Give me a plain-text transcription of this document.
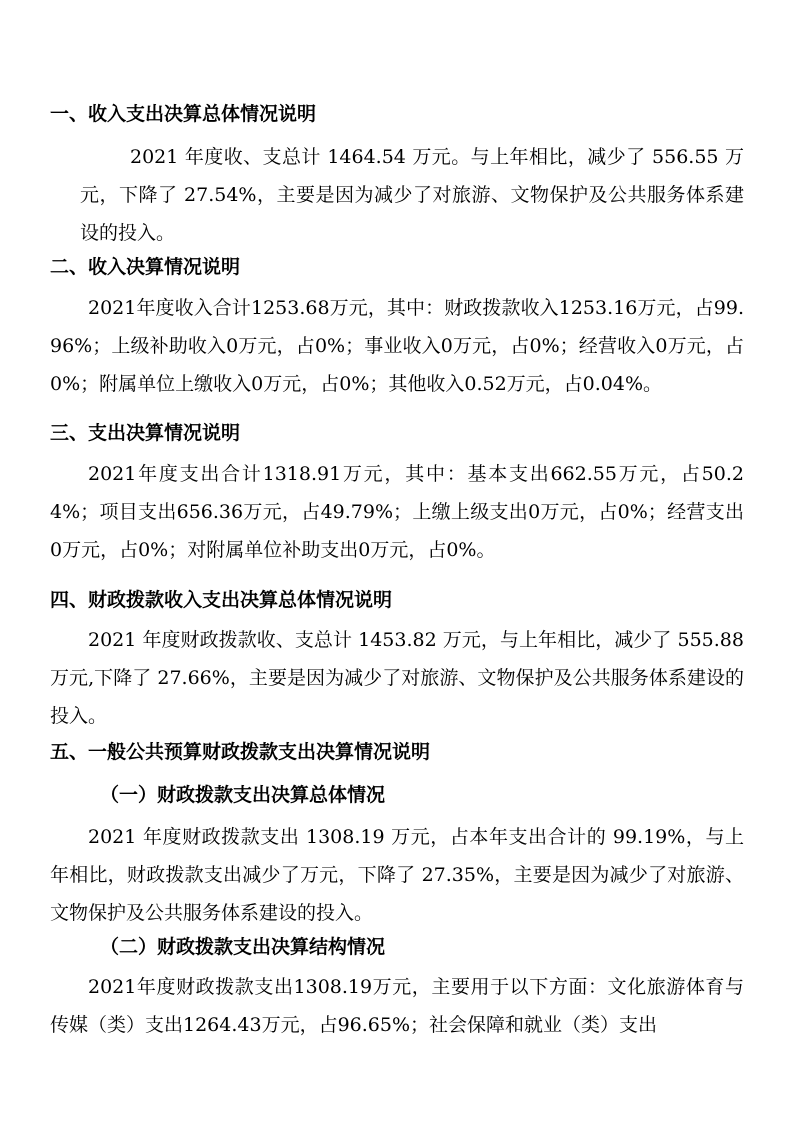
一、收入支出决算总体情况说明

2021 年度收、支总计 1464.54 万元。与上年相比，减少了 556.55 万元，下降了 27.54%，主要是因为减少了对旅游、文物保护及公共服务体系建设的投入。

二、收入决算情况说明

2021年度收入合计1253.68万元，其中：财政拨款收入1253.16万元，占99.96%；上级补助收入0万元，占0%；事业收入0万元，占0%；经营收入0万元，占0%；附属单位上缴收入0万元，占0%；其他收入0.52万元，占0.04%。

三、支出决算情况说明

2021年度支出合计1318.91万元，其中：基本支出662.55万元，占50.24%；项目支出656.36万元，占49.79%；上缴上级支出0万元，占0%；经营支出0万元，占0%；对附属单位补助支出0万元，占0%。

四、财政拨款收入支出决算总体情况说明

2021 年度财政拨款收、支总计 1453.82 万元，与上年相比，减少了 555.88 万元,下降了 27.66%，主要是因为减少了对旅游、文物保护及公共服务体系建设的投入。

五、一般公共预算财政拨款支出决算情况说明
（一）财政拨款支出决算总体情况

2021 年度财政拨款支出 1308.19 万元，占本年支出合计的 99.19%，与上年相比，财政拨款支出减少了万元，下降了 27.35%，主要是因为减少了对旅游、文物保护及公共服务体系建设的投入。

（二）财政拨款支出决算结构情况

2021年度财政拨款支出1308.19万元，主要用于以下方面：文化旅游体育与传媒（类）支出1264.43万元，占96.65%；社会保障和就业（类）支出
